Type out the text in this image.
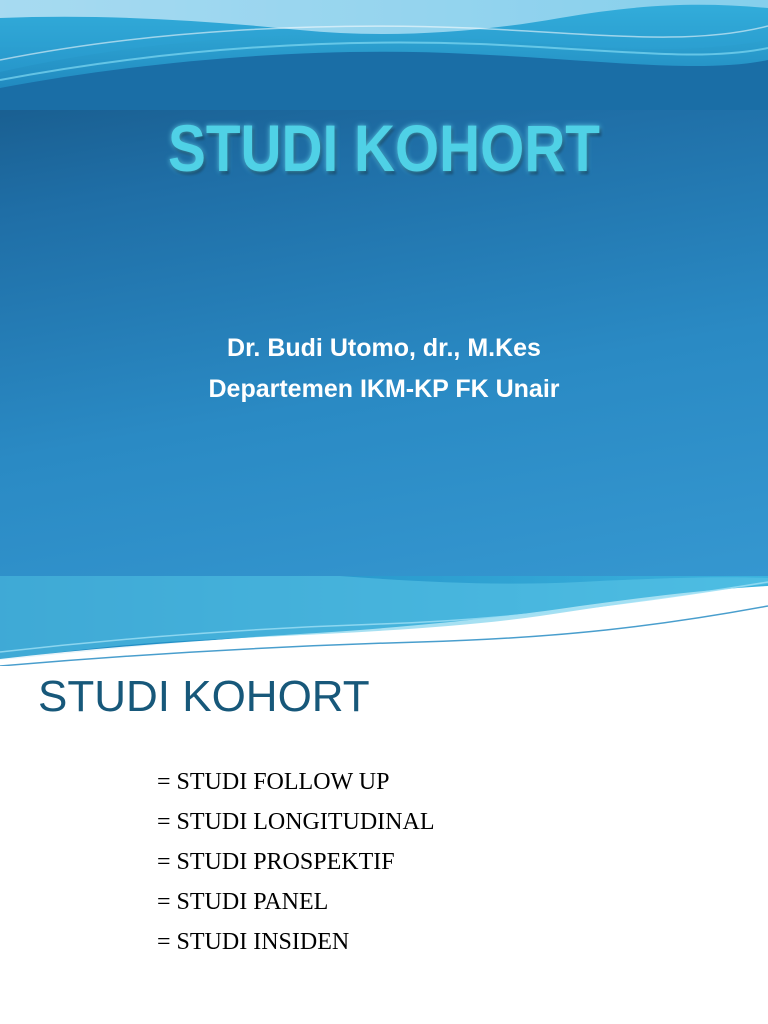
STUDI KOHORT
Dr. Budi Utomo, dr., M.Kes
Departemen IKM-KP FK Unair
STUDI KOHORT
= STUDI FOLLOW UP
= STUDI LONGITUDINAL
= STUDI PROSPEKTIF
= STUDI PANEL
= STUDI INSIDEN
